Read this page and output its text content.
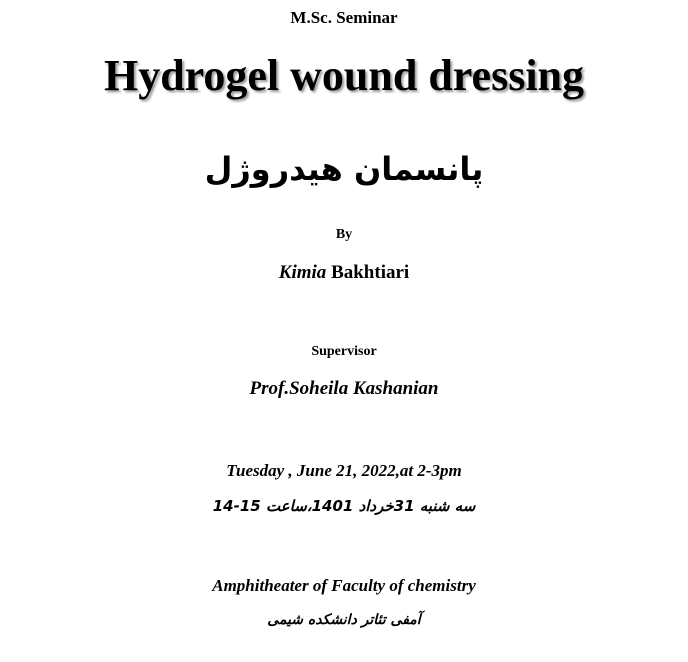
M.Sc. Seminar
Hydrogel wound dressing
پانسمان هیدروژل
By
Kimia Bakhtiari
Supervisor
Prof.Soheila Kashanian
Tuesday , June 21, 2022,at 2-3pm
سه شنبه 31خرداد 1401،ساعت 15-14
Amphitheater of Faculty of chemistry
آمفی تئاتر دانشکده شیمی
